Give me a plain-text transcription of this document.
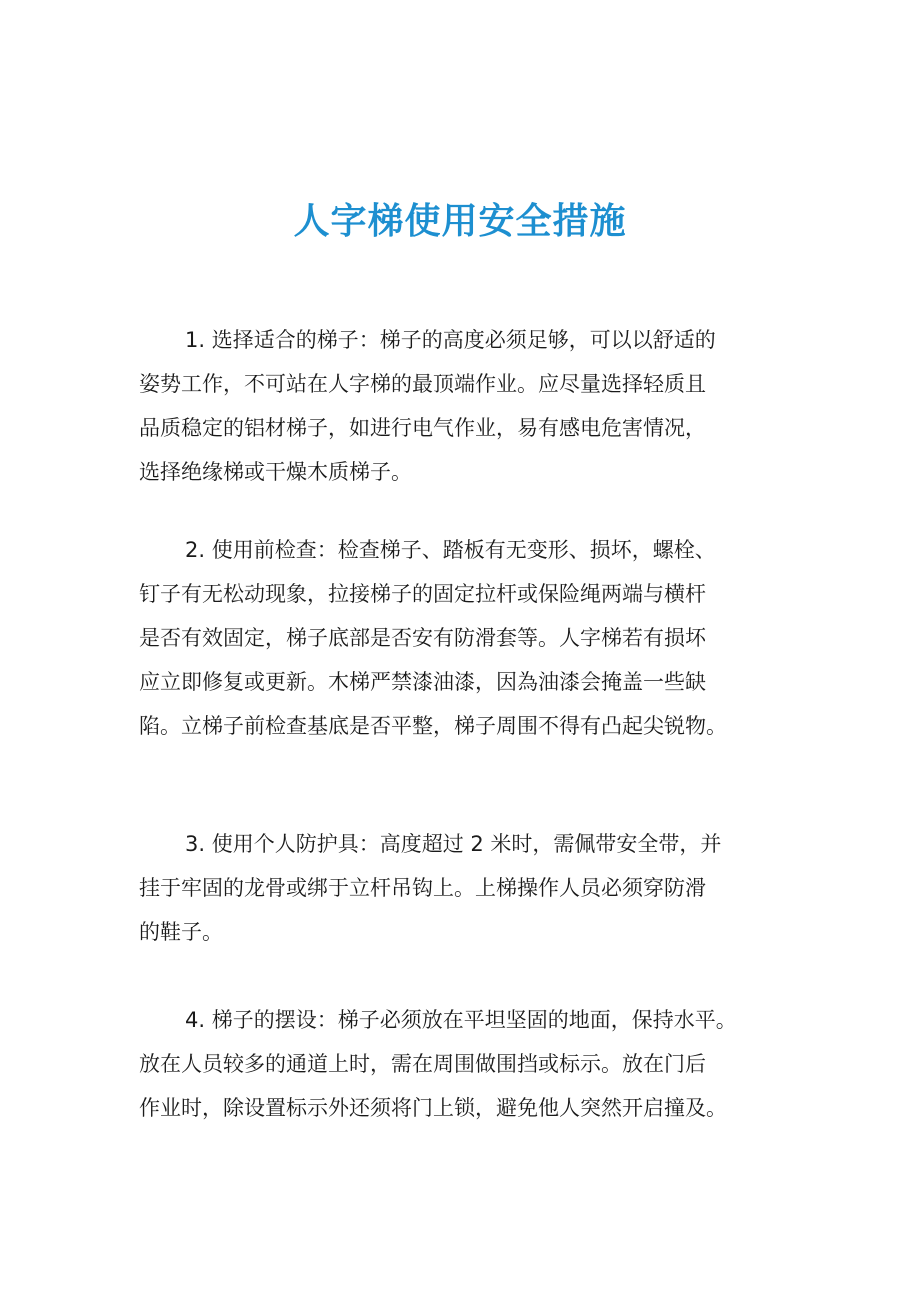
人字梯使用安全措施
1. 选择适合的梯子：梯子的高度必须足够，可以以舒适的
姿势工作，不可站在人字梯的最顶端作业。应尽量选择轻质且
品质稳定的铝材梯子，如进行电气作业，易有感电危害情况，
选择绝缘梯或干燥木质梯子。
2. 使用前检查：检查梯子、踏板有无变形、损坏，螺栓、
钉子有无松动现象，拉接梯子的固定拉杆或保险绳两端与横杆
是否有效固定，梯子底部是否安有防滑套等。人字梯若有损坏
应立即修复或更新。木梯严禁漆油漆，因為油漆会掩盖一些缺
陷。立梯子前检查基底是否平整，梯子周围不得有凸起尖锐物。
3. 使用个人防护具：高度超过 2 米时，需佩带安全带，并
挂于牢固的龙骨或绑于立杆吊钩上。上梯操作人员必须穿防滑
的鞋子。
4. 梯子的摆设：梯子必须放在平坦坚固的地面，保持水平。
放在人员较多的通道上时，需在周围做围挡或标示。放在门后
作业时，除设置标示外还须将门上锁，避免他人突然开启撞及。
